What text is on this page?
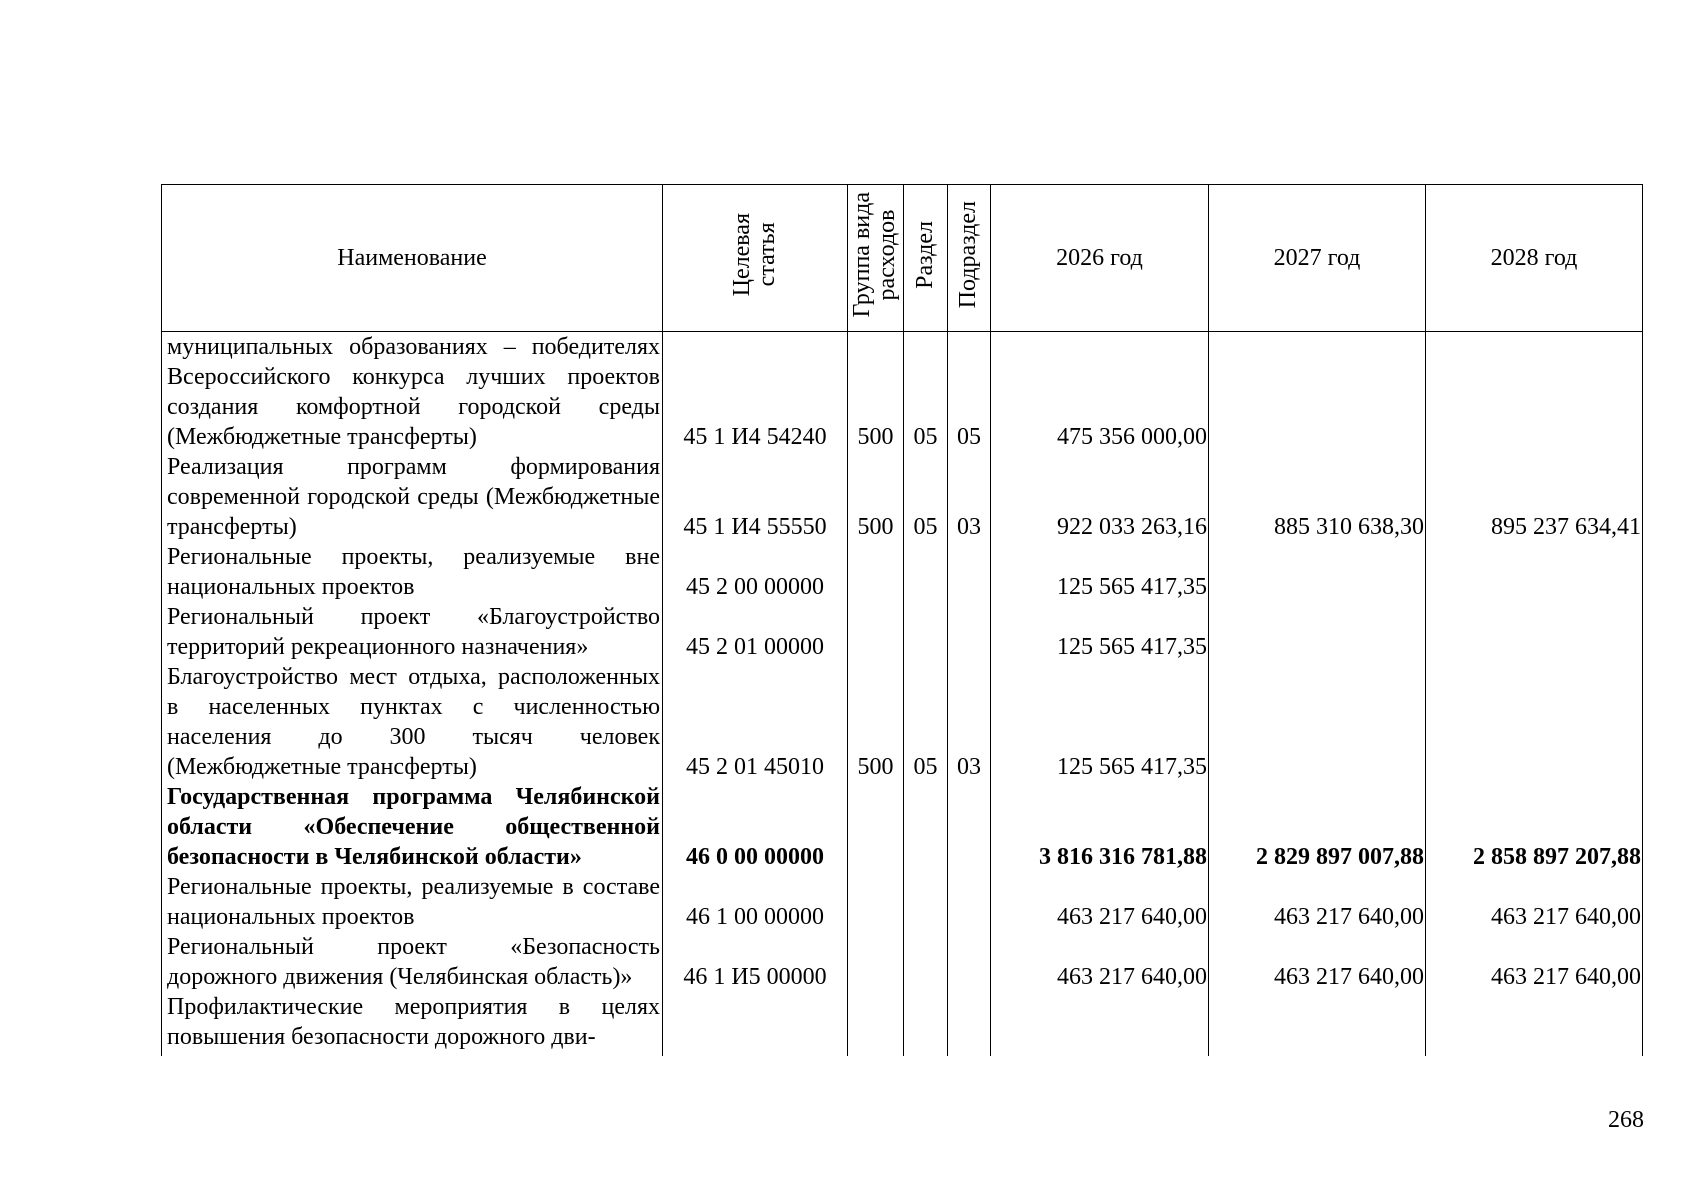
Наименование	Целевая статья	Группа вида расходов	Раздел	Подраздел	2026 год	2027 год	2028 год
муниципальных образованиях – победителях Всероссийского конкурса лучших проектов создания комфортной городской среды (Межбюджетные трансферты)	45 1 И4 54240	500	05	05	475 356 000,00		
Реализация программ формирования современной городской среды (Межбюджетные трансферты)	45 1 И4 55550	500	05	03	922 033 263,16	885 310 638,30	895 237 634,41
Региональные проекты, реализуемые вне национальных проектов	45 2 00 00000				125 565 417,35		
Региональный проект «Благоустройство территорий рекреационного назначения»	45 2 01 00000				125 565 417,35		
Благоустройство мест отдыха, расположенных в населенных пунктах с численностью населения до 300 тысяч человек (Межбюджетные трансферты)	45 2 01 45010	500	05	03	125 565 417,35		
Государственная программа Челябинской области «Обеспечение общественной безопасности в Челябинской области»	46 0 00 00000				3 816 316 781,88	2 829 897 007,88	2 858 897 207,88
Региональные проекты, реализуемые в составе национальных проектов	46 1 00 00000				463 217 640,00	463 217 640,00	463 217 640,00
Региональный проект «Безопасность дорожного движения (Челябинская область)»	46 1 И5 00000				463 217 640,00	463 217 640,00	463 217 640,00
Профилактические мероприятия в целях повышения безопасности дорожного дви-							
268
